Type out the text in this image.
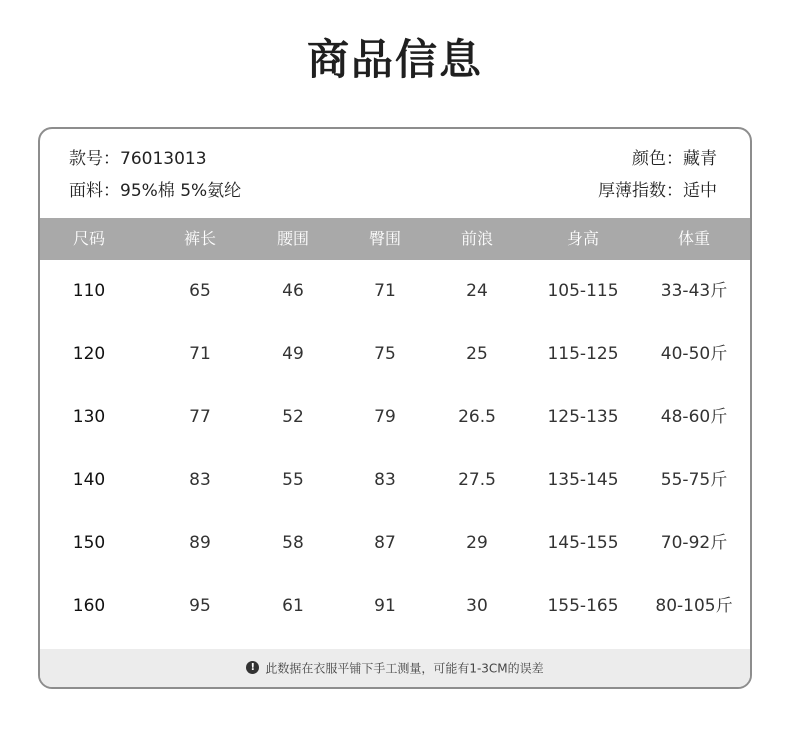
商品信息
款号：76013013
面料：95%棉 5%氨纶
颜色：藏青
厚薄指数：适中
尺码	裤长	腰围	臀围	前浪	身高	体重
110	65	46	71	24	105-115	33-43斤
120	71	49	75	25	115-125	40-50斤
130	77	52	79	26.5	125-135	48-60斤
140	83	55	83	27.5	135-145	55-75斤
150	89	58	87	29	145-155	70-92斤
160	95	61	91	30	155-165	80-105斤
! 此数据在衣服平铺下手工测量，可能有1-3CM的误差
